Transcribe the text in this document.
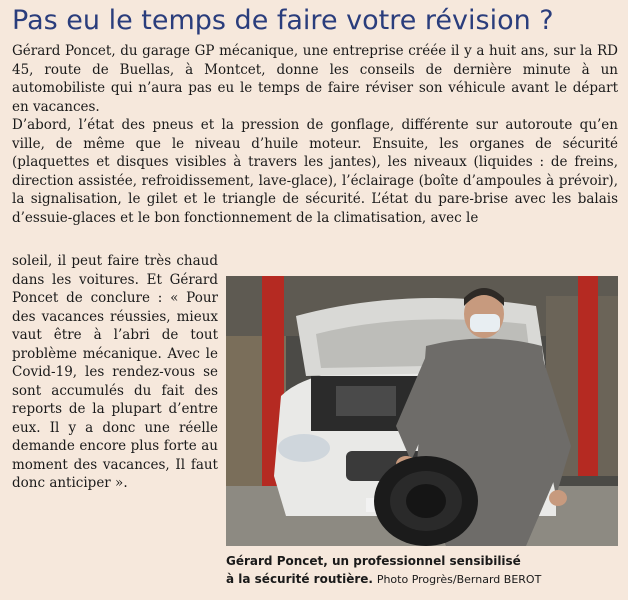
Pas eu le temps de faire votre révision ?

Gérard Poncet, du garage GP mécanique, une entreprise créée il y a huit ans, sur la RD 45, route de Buellas, à Montcet, donne les conseils de dernière minute à un automobiliste qui n’aura pas eu le temps de faire réviser son véhicule avant le départ en vacances.

D’abord, l’état des pneus et la pression de gonflage, différente sur autoroute qu’en ville, de même que le niveau d’huile moteur. Ensuite, les organes de sécurité (plaquettes et disques visibles à travers les jantes), les niveaux (liquides : de freins, direction assistée, refroidissement, lave-glace), l’éclairage (boîte d’ampoules à prévoir), la signalisation, le gilet et le triangle de sécurité. L’état du pare-brise avec les balais d’essuie-glaces et le bon fonctionnement de la climatisation, avec le

soleil, il peut faire très chaud dans les voitures. Et Gérard Poncet de conclure : « Pour des vacances réussies, mieux vaut être à l’abri de tout problème mécanique. Avec le Covid-19, les rendez-vous se sont accumulés du fait des reports de la plupart d’entre eux. Il y a donc une réelle demande encore plus forte au moment des vacances, Il faut donc anticiper ».

Gérard Poncet, un professionnel sensibilisé
à la sécurité routière. Photo Progrès/Bernard BEROT
